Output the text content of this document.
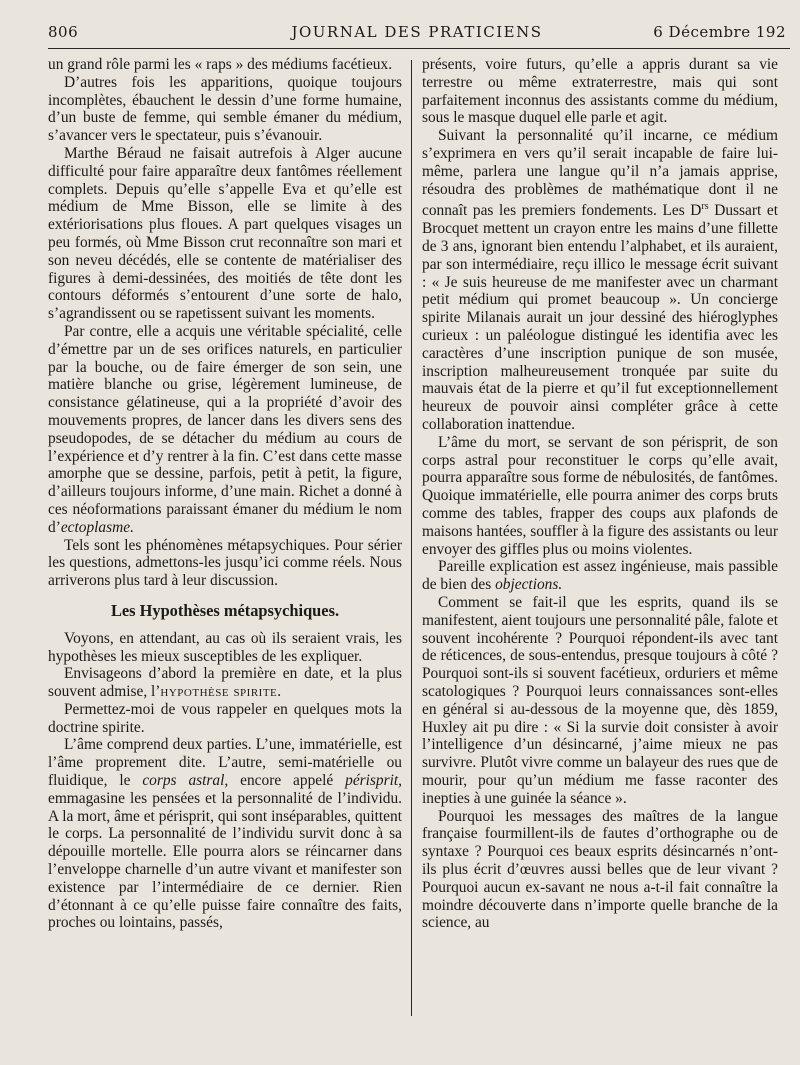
806	JOURNAL DES PRATICIENS	6 Décembre 192

un grand rôle parmi les « raps » des médiums facétieux.

D’autres fois les apparitions, quoique toujours incomplètes, ébauchent le dessin d’une forme humaine, d’un buste de femme, qui semble émaner du médium, s’avancer vers le spectateur, puis s’évanouir.

Marthe Béraud ne faisait autrefois à Alger aucune difficulté pour faire apparaître deux fantômes réellement complets. Depuis qu’elle s’appelle Eva et qu’elle est médium de Mme Bisson, elle se limite à des extériorisations plus floues. A part quelques visages un peu formés, où Mme Bisson crut reconnaître son mari et son neveu décédés, elle se contente de matérialiser des figures à demi-dessinées, des moitiés de tête dont les contours déformés s’entourent d’une sorte de halo, s’agrandissent ou se rapetissent suivant les moments.

Par contre, elle a acquis une véritable spécialité, celle d’émettre par un de ses orifices naturels, en particulier par la bouche, ou de faire émerger de son sein, une matière blanche ou grise, légèrement lumineuse, de consistance gélatineuse, qui a la propriété d’avoir des mouvements propres, de lancer dans les divers sens des pseudopodes, de se détacher du médium au cours de l’expérience et d’y rentrer à la fin. C’est dans cette masse amorphe que se dessine, parfois, petit à petit, la figure, d’ailleurs toujours informe, d’une main. Richet a donné à ces néoformations paraissant émaner du médium le nom d’ectoplasme.

Tels sont les phénomènes métapsychiques. Pour sérier les questions, admettons-les jusqu’ici comme réels. Nous arriverons plus tard à leur discussion.

Les Hypothèses métapsychiques.

Voyons, en attendant, au cas où ils seraient vrais, les hypothèses les mieux susceptibles de les expliquer.

Envisageons d’abord la première en date, et la plus souvent admise, l’hypothèse spirite.

Permettez-moi de vous rappeler en quelques mots la doctrine spirite.

L’âme comprend deux parties. L’une, immatérielle, est l’âme proprement dite. L’autre, semi-matérielle ou fluidique, le corps astral, encore appelé périsprit, emmagasine les pensées et la personnalité de l’individu. A la mort, âme et périsprit, qui sont inséparables, quittent le corps. La personnalité de l’individu survit donc à sa dépouille mortelle. Elle pourra alors se réincarner dans l’enveloppe charnelle d’un autre vivant et manifester son existence par l’intermédiaire de ce dernier. Rien d’étonnant à ce qu’elle puisse faire connaître des faits, proches ou lointains, passés,

présents, voire futurs, qu’elle a appris durant sa vie terrestre ou même extraterrestre, mais qui sont parfaitement inconnus des assistants comme du médium, sous le masque duquel elle parle et agit.

Suivant la personnalité qu’il incarne, ce médium s’exprimera en vers qu’il serait incapable de faire lui-même, parlera une langue qu’il n’a jamais apprise, résoudra des problèmes de mathématique dont il ne connaît pas les premiers fondements. Les $D^{rs}$ Dussart et Brocquet mettent un crayon entre les mains d’une fillette de 3 ans, ignorant bien entendu l’alphabet, et ils auraient, par son intermédiaire, reçu illico le message écrit suivant : « Je suis heureuse de me manifester avec un charmant petit médium qui promet beaucoup ». Un concierge spirite Milanais aurait un jour dessiné des hiéroglyphes curieux : un paléologue distingué les identifia avec les caractères d’une inscription punique de son musée, inscription malheureusement tronquée par suite du mauvais état de la pierre et qu’il fut exceptionnellement heureux de pouvoir ainsi compléter grâce à cette collaboration inattendue.

L’âme du mort, se servant de son périsprit, de son corps astral pour reconstituer le corps qu’elle avait, pourra apparaître sous forme de nébulosités, de fantômes. Quoique immatérielle, elle pourra animer des corps bruts comme des tables, frapper des coups aux plafonds de maisons hantées, souffler à la figure des assistants ou leur envoyer des giffles plus ou moins violentes.

Pareille explication est assez ingénieuse, mais passible de bien des objections.

Comment se fait-il que les esprits, quand ils se manifestent, aient toujours une personnalité pâle, falote et souvent incohérente ? Pourquoi répondent-ils avec tant de réticences, de sous-entendus, presque toujours à côté ? Pourquoi sont-ils si souvent facétieux, orduriers et même scatologiques ? Pourquoi leurs connaissances sont-elles en général si au-dessous de la moyenne que, dès 1859, Huxley ait pu dire : « Si la survie doit consister à avoir l’intelligence d’un désincarné, j’aime mieux ne pas survivre. Plutôt vivre comme un balayeur des rues que de mourir, pour qu’un médium me fasse raconter des inepties à une guinée la séance ».

Pourquoi les messages des maîtres de la langue française fourmillent-ils de fautes d’orthographe ou de syntaxe ? Pourquoi ces beaux esprits désincarnés n’ont-ils plus écrit d’œuvres aussi belles que de leur vivant ? Pourquoi aucun ex-savant ne nous a-t-il fait connaître la moindre découverte dans n’importe quelle branche de la science, au
